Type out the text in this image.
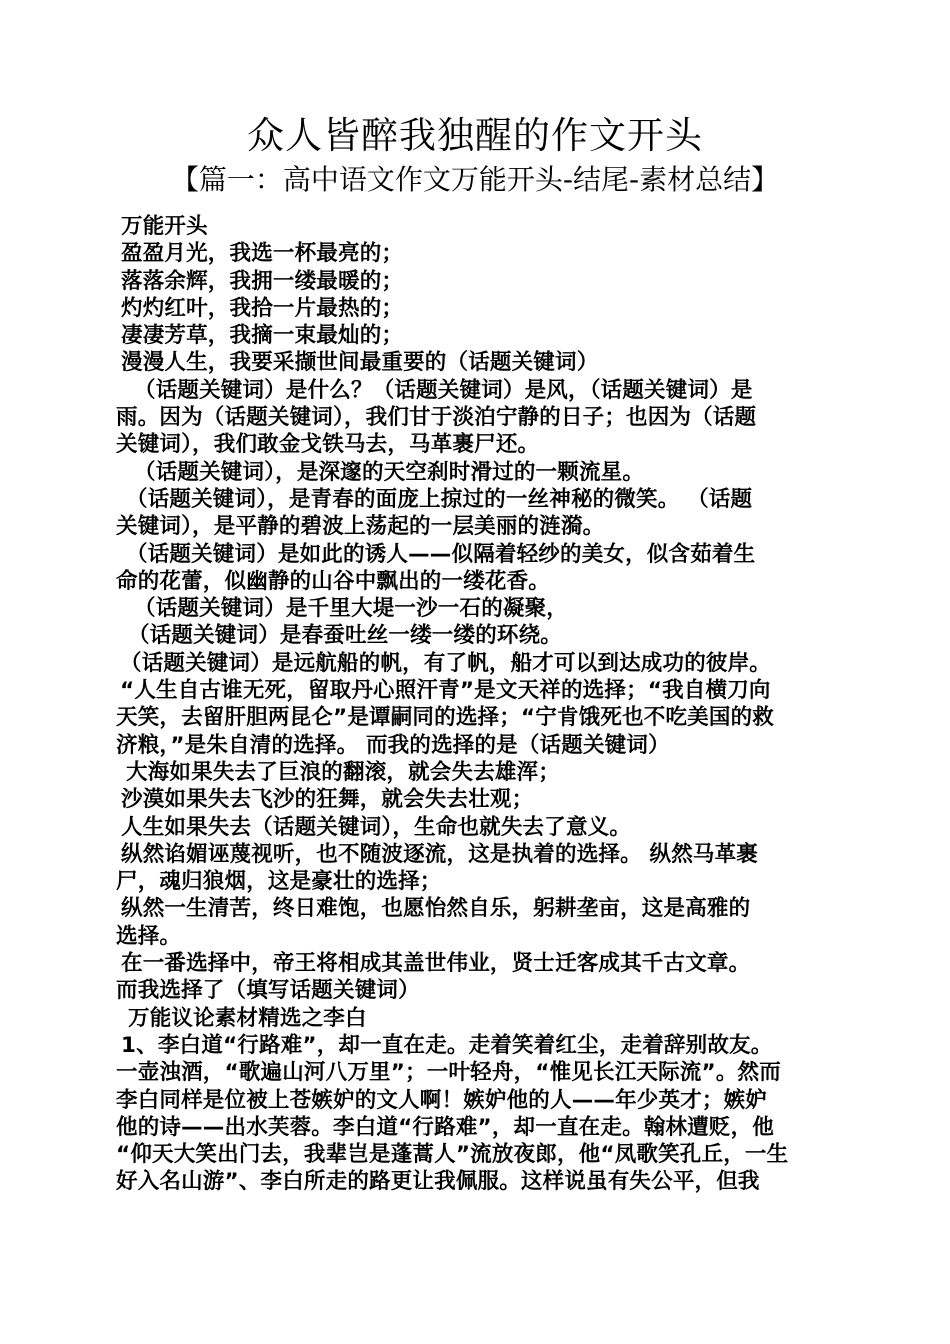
众人皆醉我独醒的作文开头
【篇一：高中语文作文万能开头-结尾-素材总结】
万能开头
盈盈月光，我选一杯最亮的；
落落余辉，我拥一缕最暖的；
灼灼红叶，我拾一片最热的；
凄凄芳草，我摘一束最灿的；
漫漫人生，我要采撷世间最重要的（话题关键词）
（话题关键词）是什么？（话题关键词）是风，（话题关键词）是
雨。因为（话题关键词），我们甘于淡泊宁静的日子；也因为（话题
关键词），我们敢金戈铁马去，马革裹尸还。
（话题关键词），是深邃的天空刹时滑过的一颗流星。
（话题关键词），是青春的面庞上掠过的一丝神秘的微笑。 （话题
关键词），是平静的碧波上荡起的一层美丽的涟漪。
（话题关键词）是如此的诱人——似隔着轻纱的美女，似含茹着生
命的花蕾，似幽静的山谷中飘出的一缕花香。
（话题关键词）是千里大堤一沙一石的凝聚，
（话题关键词）是春蚕吐丝一缕一缕的环绕。
（话题关键词）是远航船的帆，有了帆，船才可以到达成功的彼岸。
“人生自古谁无死，留取丹心照汗青”是文天祥的选择；“我自横刀向
天笑，去留肝胆两昆仑”是谭嗣同的选择；“宁肯饿死也不吃美国的救
济粮，”是朱自清的选择。 而我的选择的是（话题关键词）
大海如果失去了巨浪的翻滚，就会失去雄浑；
沙漠如果失去飞沙的狂舞，就会失去壮观；
人生如果失去（话题关键词），生命也就失去了意义。
纵然谄媚诬蔑视听，也不随波逐流，这是执着的选择。 纵然马革裹
尸，魂归狼烟，这是豪壮的选择；
纵然一生清苦，终日难饱，也愿怡然自乐，躬耕垄亩，这是高雅的
选择。
在一番选择中，帝王将相成其盖世伟业，贤士迁客成其千古文章。
而我选择了（填写话题关键词）
万能议论素材精选之李白
1、李白道“行路难”，却一直在走。走着笑着红尘，走着辞别故友。
一壶浊酒，“歌遍山河八万里”；一叶轻舟，“惟见长江天际流”。然而
李白同样是位被上苍嫉妒的文人啊！嫉妒他的人——年少英才；嫉妒
他的诗——出水芙蓉。李白道“行路难”，却一直在走。翰林遭贬，他
“仰天大笑出门去，我辈岂是蓬蒿人”流放夜郎，他“凤歌笑孔丘，一生
好入名山游”、李白所走的路更让我佩服。这样说虽有失公平，但我
